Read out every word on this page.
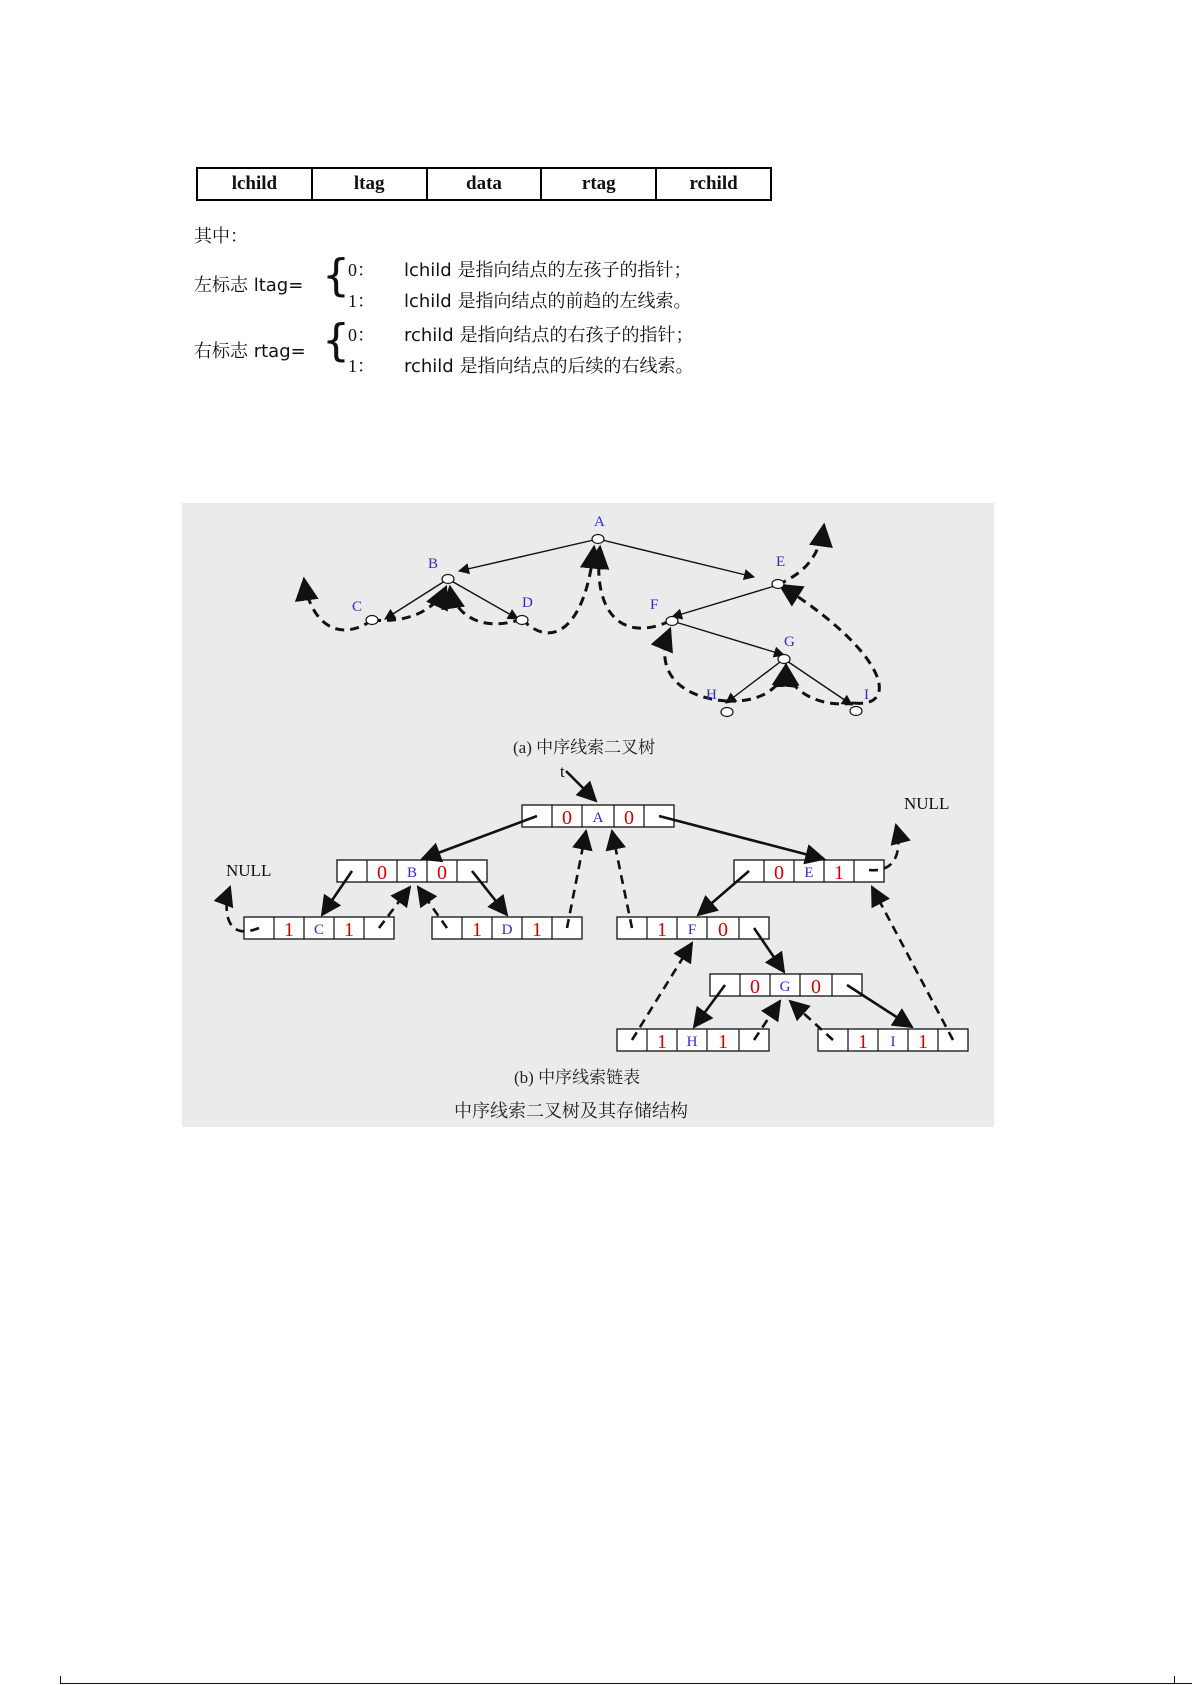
lchild	ltag	data	rtag	rchild
其中：
左标志 ltag= {
0： lchild 是指向结点的左孩子的指针；
1： lchild 是指向结点的前趋的左线索。
右标志 rtag= {
0： rchild 是指向结点的右孩子的指针；
1： rchild 是指向结点的后续的右线索。
A
B
C	D
E
F
G
H	I
(a) 中序线索二叉树
0 A 0
0 B 0	0 E 1
1 C 1	1 D 1	1 F 0
0 G 0
1 H 1	1 I 1
t
NULL
NULL
(b) 中序线索链表
中序线索二叉树及其存储结构
